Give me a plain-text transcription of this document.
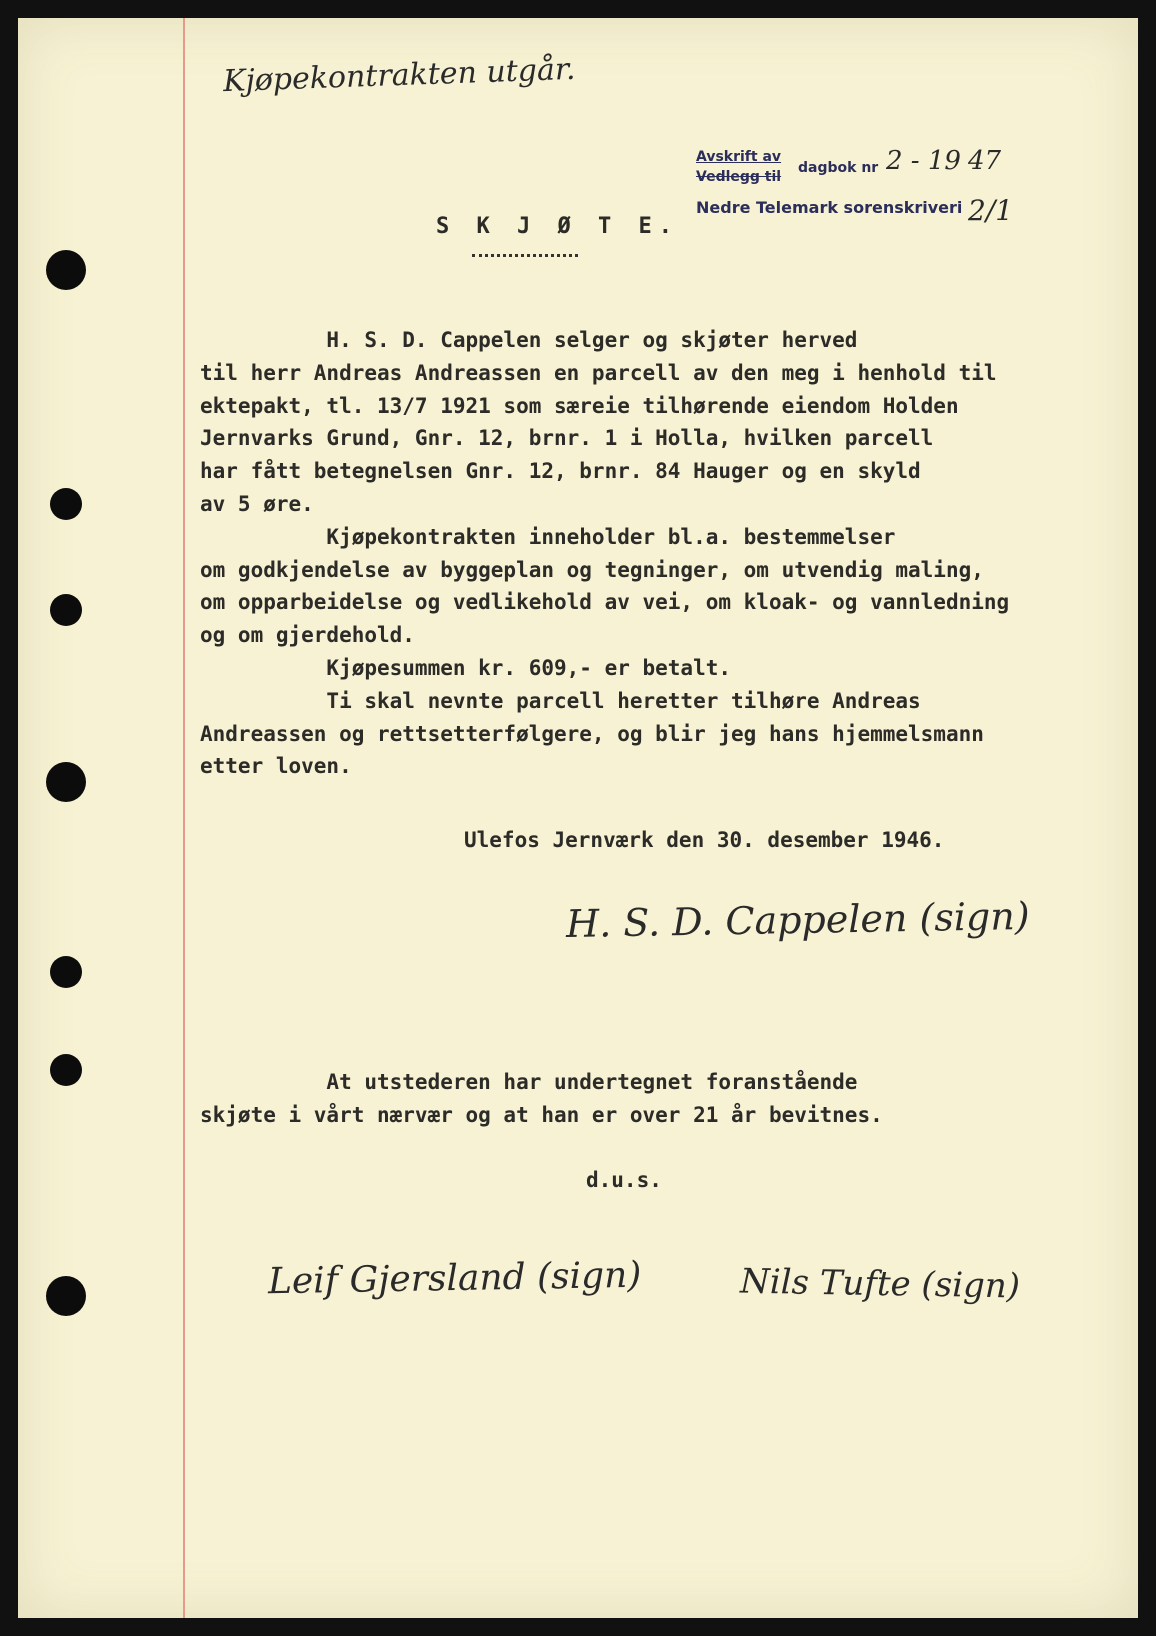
Kjøpekontrakten utgår.
Avskrift av
Vedlegg til
dagbok nr 2 - 19 47
Nedre Telemark sorenskriveri 2/1
S K J Ø T E.
H. S. D. Cappelen selger og skjøter herved
til herr Andreas Andreassen en parcell av den meg i henhold til
ektepakt, tl. 13/7 1921 som særeie tilhørende eiendom Holden
Jernvarks Grund, Gnr. 12, brnr. 1 i Holla, hvilken parcell
har fått betegnelsen Gnr. 12, brnr. 84 Hauger og en skyld
av 5 øre.
Kjøpekontrakten inneholder bl.a. bestemmelser
om godkjendelse av byggeplan og tegninger, om utvendig maling,
om opparbeidelse og vedlikehold av vei, om kloak- og vannledning
og om gjerdehold.
Kjøpesummen kr. 609,- er betalt.
Ti skal nevnte parcell heretter tilhøre Andreas
Andreassen og rettsetterfølgere, og blir jeg hans hjemmelsmann
etter loven.
Ulefos Jernværk den 30. desember 1946.
H. S. D. Cappelen (sign)
At utstederen har undertegnet foranstående
skjøte i vårt nærvær og at han er over 21 år bevitnes.
d.u.s.
Leif Gjersland (sign)	Nils Tufte (sign)
